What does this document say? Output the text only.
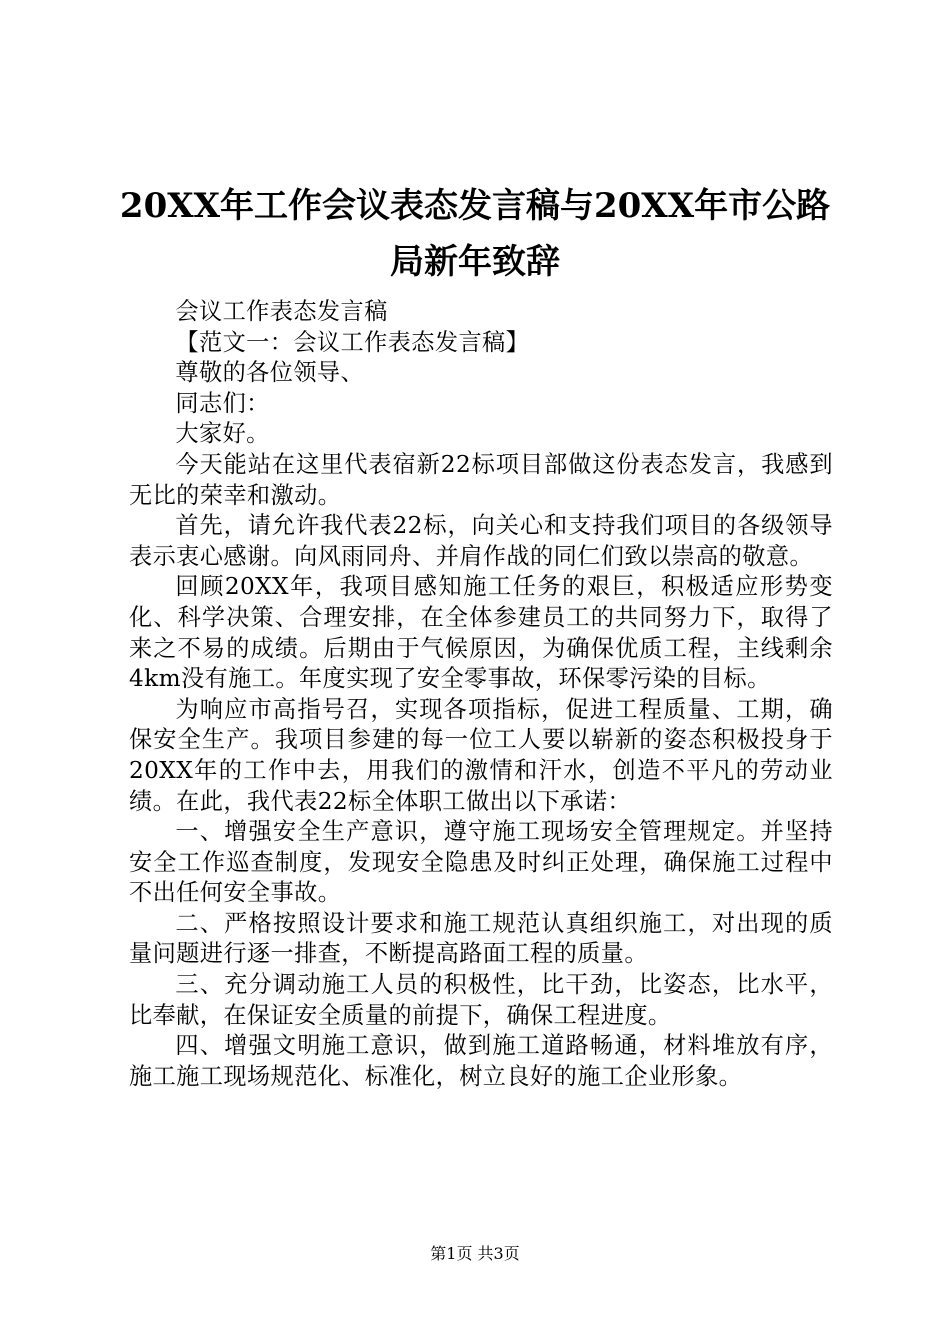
20XX年工作会议表态发言稿与20XX年市公路局新年致辞

会议工作表态发言稿

【范文一：会议工作表态发言稿】

尊敬的各位领导、

同志们：

大家好。

今天能站在这里代表宿新22标项目部做这份表态发言，我感到无比的荣幸和激动。

首先，请允许我代表22标，向关心和支持我们项目的各级领导表示衷心感谢。向风雨同舟、并肩作战的同仁们致以崇高的敬意。

回顾20XX年，我项目感知施工任务的艰巨，积极适应形势变化、科学决策、合理安排，在全体参建员工的共同努力下，取得了来之不易的成绩。后期由于气候原因，为确保优质工程，主线剩余4km没有施工。年度实现了安全零事故，环保零污染的目标。

为响应市高指号召，实现各项指标，促进工程质量、工期，确保安全生产。我项目参建的每一位工人要以崭新的姿态积极投身于20XX年的工作中去，用我们的激情和汗水，创造不平凡的劳动业绩。在此，我代表22标全体职工做出以下承诺：

一、增强安全生产意识，遵守施工现场安全管理规定。并坚持安全工作巡查制度，发现安全隐患及时纠正处理，确保施工过程中不出任何安全事故。

二、严格按照设计要求和施工规范认真组织施工，对出现的质量问题进行逐一排查，不断提高路面工程的质量。

三、充分调动施工人员的积极性，比干劲，比姿态，比水平，比奉献，在保证安全质量的前提下，确保工程进度。

四、增强文明施工意识，做到施工道路畅通，材料堆放有序，施工施工现场规范化、标准化，树立良好的施工企业形象。

第1页 共3页
